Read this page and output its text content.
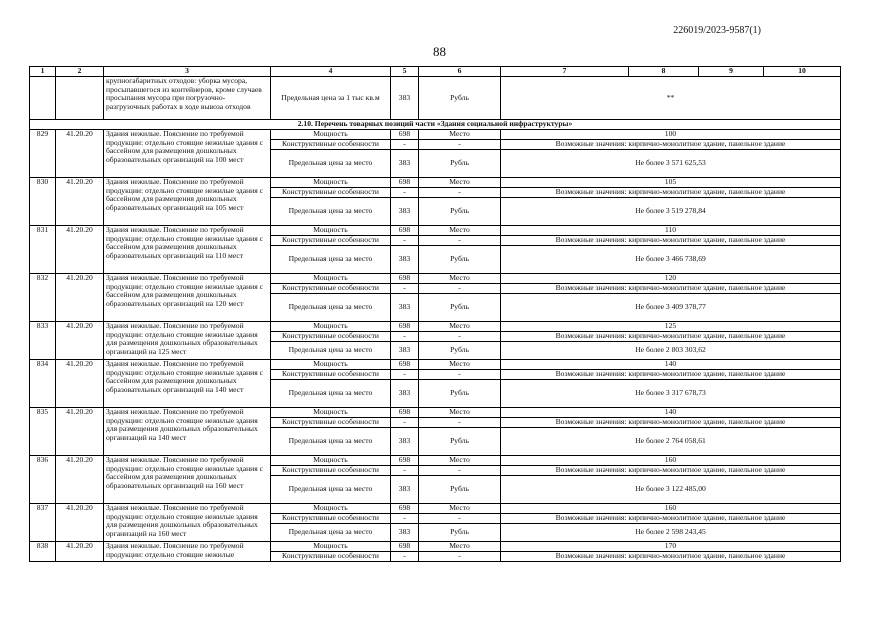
226019/2023-9587(1)
88
1	2	3	4	5	6	7	8	9	10
		крупногабаритных отходов: уборка мусора, просыпавшегося из контейнеров, кроме случаев просыпания мусора при погрузочно-разгрузочных работах в ходе вывоза отходов	Предельная цена за 1 тыс кв.м	383	Рубль	**			
2.10. Перечень товарных позиций части «Здания социальной инфраструктуры»									
829	41.20.20	Здания нежилые. Пояснение по требуемой продукции: отдельно стоящие нежилые здания с бассейном для размещения дошкольных образовательных организаций на 100 мест	Мощность	698	Место	100			
			Конструктивные особенности	-	-	Возможные значения: кирпично-монолитное здание, панельное здание			
			Предельная цена за место	383	Рубль	Не более 3 571 625,53			
830	41.20.20	Здания нежилые. Пояснение по требуемой продукции: отдельно стоящие нежилые здания с бассейном для размещения дошкольных образовательных организаций на 105 мест	Мощность	698	Место	105			
			Конструктивные особенности	-	-	Возможные значения: кирпично-монолитное здание, панельное здание			
			Предельная цена за место	383	Рубль	Не более 3 519 278,84			
831	41.20.20	Здания нежилые. Пояснение по требуемой продукции: отдельно стоящие нежилые здания с бассейном для размещения дошкольных образовательных организаций на 110 мест	Мощность	698	Место	110			
			Конструктивные особенности	-	-	Возможные значения: кирпично-монолитное здание, панельное здание			
			Предельная цена за место	383	Рубль	Не более 3 466 738,69			
832	41.20.20	Здания нежилые. Пояснение по требуемой продукции: отдельно стоящие нежилые здания с бассейном для размещения дошкольных образовательных организаций на 120 мест	Мощность	698	Место	120			
			Конструктивные особенности	-	-	Возможные значения: кирпично-монолитное здание, панельное здание			
			Предельная цена за место	383	Рубль	Не более 3 409 378,77			
833	41.20.20	Здания нежилые. Пояснение по требуемой продукции: отдельно стоящие нежилые здания для размещения дошкольных образовательных организаций на 125 мест	Мощность	698	Место	125			
			Конструктивные особенности	-	-	Возможные значения: кирпично-монолитное здание, панельное здание			
			Предельная цена за место	383	Рубль	Не более 2 803 303,62			
834	41.20.20	Здания нежилые. Пояснение по требуемой продукции: отдельно стоящие нежилые здания с бассейном для размещения дошкольных образовательных организаций на 140 мест	Мощность	698	Место	140			
			Конструктивные особенности	-	-	Возможные значения: кирпично-монолитное здание, панельное здание			
			Предельная цена за место	383	Рубль	Не более 3 317 678,73			
835	41.20.20	Здания нежилые. Пояснение по требуемой продукции: отдельно стоящие нежилые здания для размещения дошкольных образовательных организаций на 140 мест	Мощность	698	Место	140			
			Конструктивные особенности	-	-	Возможные значения: кирпично-монолитное здание, панельное здание			
			Предельная цена за место	383	Рубль	Не более 2 764 058,61			
836	41.20.20	Здания нежилые. Пояснение по требуемой продукции: отдельно стоящие нежилые здания с бассейном для размещения дошкольных образовательных организаций на 160 мест	Мощность	698	Место	160			
			Конструктивные особенности	-	-	Возможные значения: кирпично-монолитное здание, панельное здание			
			Предельная цена за место	383	Рубль	Не более 3 122 485,00			
837	41.20.20	Здания нежилые. Пояснение по требуемой продукции: отдельно стоящие нежилые здания для размещения дошкольных образовательных организаций на 160 мест	Мощность	698	Место	160			
			Конструктивные особенности	-	-	Возможные значения: кирпично-монолитное здание, панельное здание			
			Предельная цена за место	383	Рубль	Не более 2 598 243,45			
838	41.20.20	Здания нежилые. Пояснение по требуемой продукции: отдельно стоящие нежилые	Мощность	698	Место	170			
			Конструктивные особенности	-	-	Возможные значения: кирпично-монолитное здание, панельное здание			
